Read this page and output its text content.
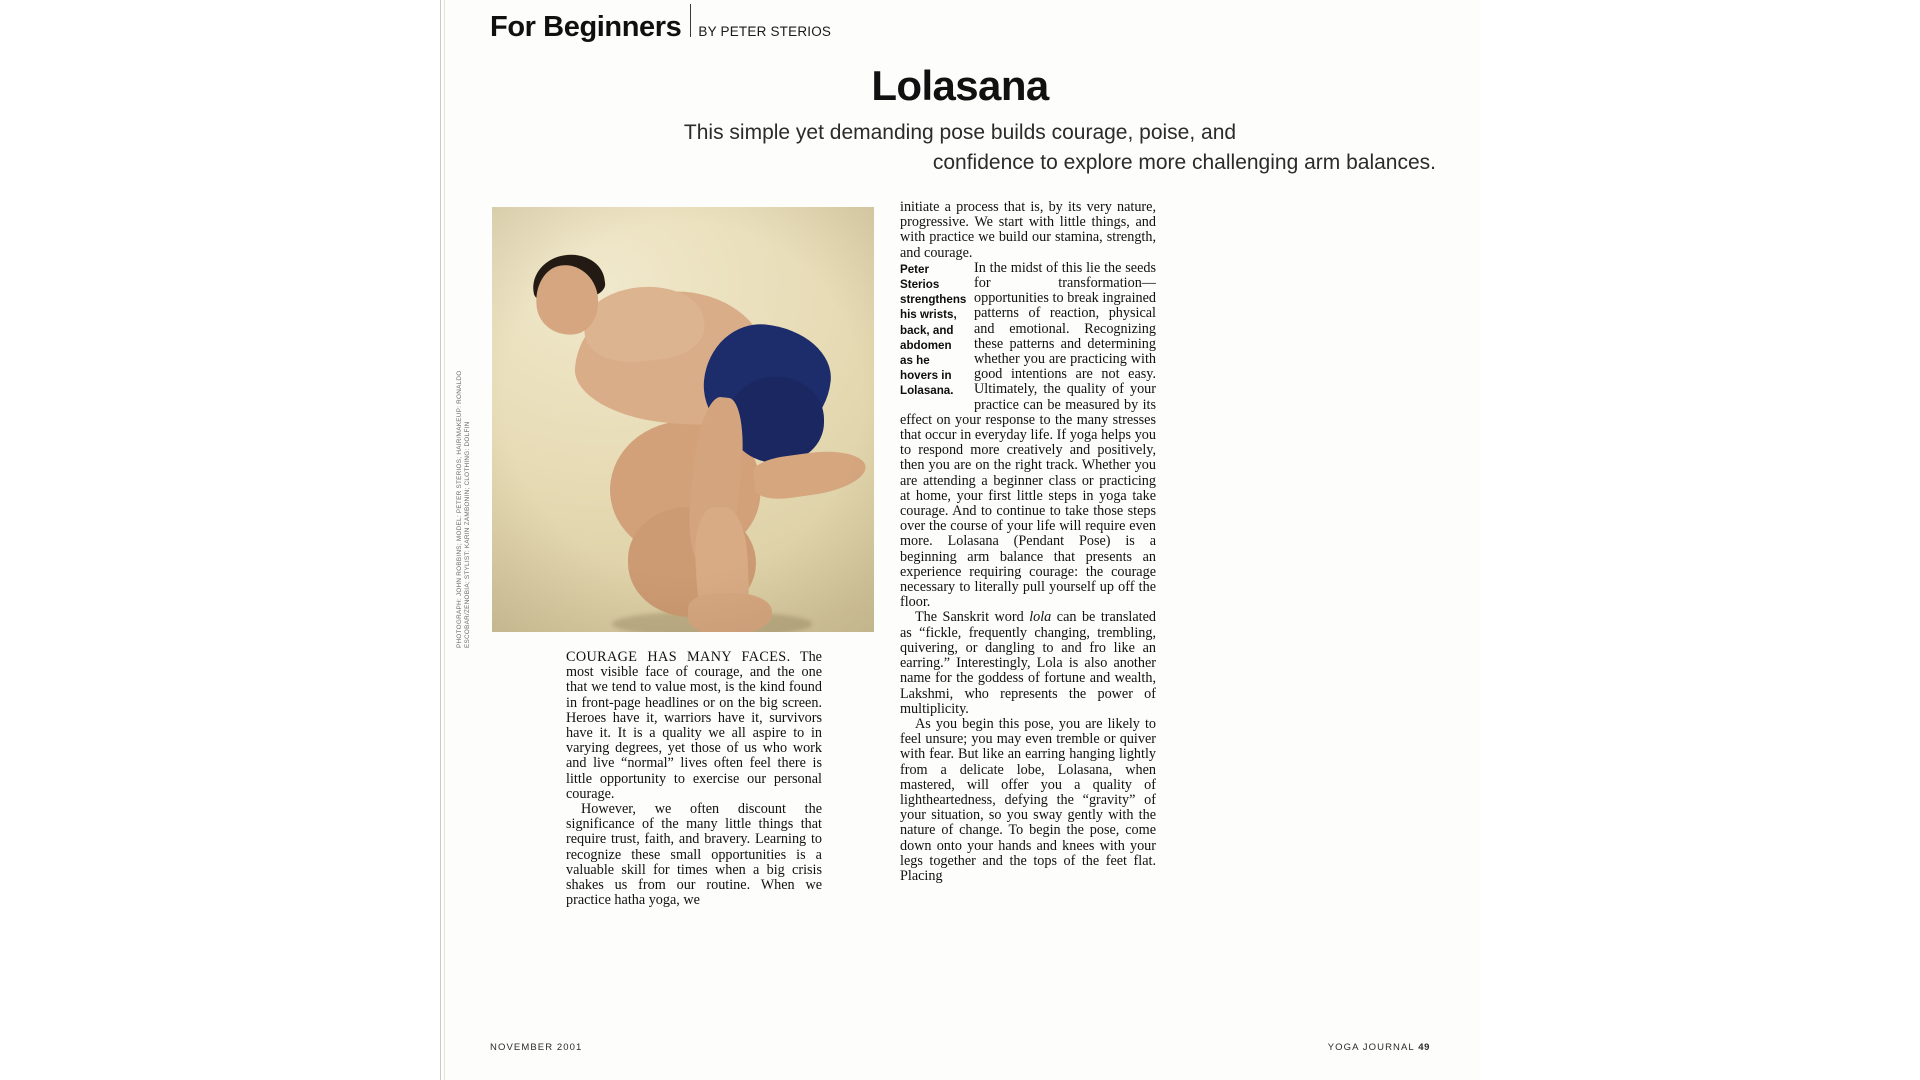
For Beginners BY PETER STERIOS
Lolasana
This simple yet demanding pose builds courage, poise, and
confidence to explore more challenging arm balances.
PHOTOGRAPH: JOHN ROBBINS; MODEL: PETER STERIOS; HAIR/MAKEUP: RONALDO ESCOBAR/ZENOBIA; STYLIST: KARIN ZAMBONIN; CLOTHING: DOLFIN

COURAGE HAS MANY FACES. The most visible face of courage, and the one that we tend to value most, is the kind found in front-page headlines or on the big screen. Heroes have it, warriors have it, survivors have it. It is a quality we all aspire to in varying degrees, yet those of us who work and live “normal” lives often feel there is little opportunity to exercise our personal courage.

However, we often discount the significance of the many little things that require trust, faith, and bravery. Learning to recognize these small opportunities is a valuable skill for times when a big crisis shakes us from our routine. When we practice hatha yoga, we

initiate a process that is, by its very nature, progressive. We start with little things, and with practice we build our stamina, strength, and courage.

Peter Sterios strengthens his wrists, back, and abdomen as he hovers in Lolasana.
In the midst of this lie the seeds for transformation—opportunities to break ingrained patterns of reaction, physical and emotional. Recognizing these patterns and determining whether you are practicing with good intentions are not easy. Ultimately, the quality of your practice can be measured by its effect on your response to the many stresses that occur in everyday life. If yoga helps you to respond more creatively and positively, then you are on the right track. Whether you are attending a beginner class or practicing at home, your first little steps in yoga take courage. And to continue to take those steps over the course of your life will require even more. Lolasana (Pendant Pose) is a beginning arm balance that presents an experience requiring courage: the courage necessary to literally pull yourself up off the floor.

The Sanskrit word lola can be translated as “fickle, frequently changing, trembling, quivering, or dangling to and fro like an earring.” Interestingly, Lola is also another name for the goddess of fortune and wealth, Lakshmi, who represents the power of multiplicity.

As you begin this pose, you are likely to feel unsure; you may even tremble or quiver with fear. But like an earring hanging lightly from a delicate lobe, Lolasana, when mastered, will offer you a quality of lightheartedness, defying the “gravity” of your situation, so you sway gently with the nature of change. To begin the pose, come down onto your hands and knees with your legs together and the tops of the feet flat. Placing

NOVEMBER 2001	YOGA JOURNAL 49
